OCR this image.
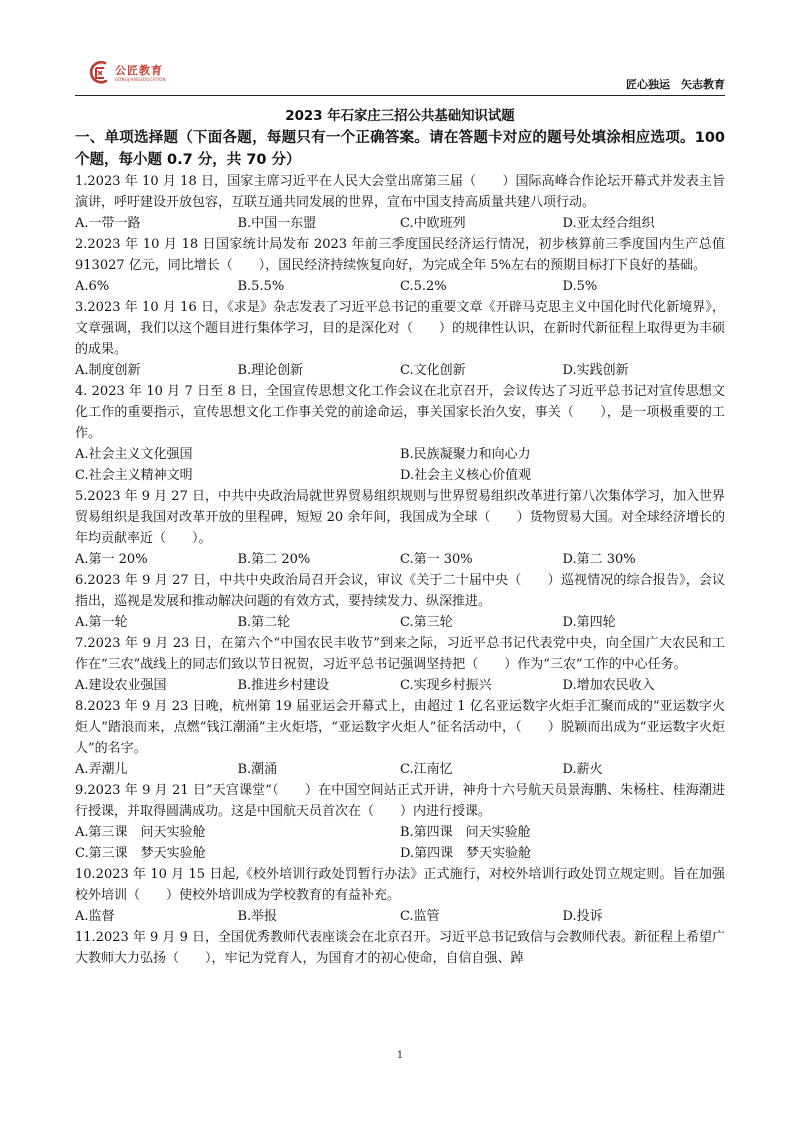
公匠教育
GONGJIANGEDUCATION	匠心独运　矢志教育
2023 年石家庄三招公共基础知识试题
一、单项选择题（下面各题，每题只有一个正确答案。请在答题卡对应的题号处填涂相应选项。100 个题，每小题 0.7 分，共 70 分）
1.2023 年 10 月 18 日，国家主席习近平在人民大会堂出席第三届（　　）国际高峰合作论坛开幕式并发表主旨演讲，呼吁建设开放包容，互联互通共同发展的世界，宣布中国支持高质量共建八项行动。
A.一带一路	B.中国一东盟	C.中欧班列	D.亚太经合组织
2.2023 年 10 月 18 日国家统计局发布 2023 年前三季度国民经济运行情况，初步核算前三季度国内生产总值 913027 亿元，同比增长（　　），国民经济持续恢复向好，为完成全年 5%左右的预期目标打下良好的基础。
A.6%	B.5.5%	C.5.2%	D.5%
3.2023 年 10 月 16 日，《求是》杂志发表了习近平总书记的重要文章《开辟马克思主义中国化时代化新境界》，文章强调，我们以这个题目进行集体学习，目的是深化对（　　）的规律性认识，在新时代新征程上取得更为丰硕的成果。
A.制度创新	B.理论创新	C.文化创新	D.实践创新
4. 2023 年 10 月 7 日至 8 日，全国宣传思想文化工作会议在北京召开，会议传达了习近平总书记对宣传思想文化工作的重要指示，宣传思想文化工作事关党的前途命运，事关国家长治久安，事关（　　），是一项极重要的工作。
A.社会主义文化强国	B.民族凝聚力和向心力
C.社会主义精神文明	D.社会主义核心价值观
5.2023 年 9 月 27 日，中共中央政治局就世界贸易组织规则与世界贸易组织改革进行第八次集体学习，加入世界贸易组织是我国对改革开放的里程碑，短短 20 余年间，我国成为全球（　　）货物贸易大国。对全球经济增长的年均贡献率近（　　）。
A.第一 20%	B.第二 20%	C.第一 30%	D.第二 30%
6.2023 年 9 月 27 日，中共中央政治局召开会议，审议《关于二十届中央（　　）巡视情况的综合报告》，会议指出，巡视是发展和推动解决问题的有效方式，要持续发力、纵深推进。
A.第一轮	B.第二轮	C.第三轮	D.第四轮
7.2023 年 9 月 23 日，在第六个“中国农民丰收节”到来之际，习近平总书记代表党中央，向全国广大农民和工作在“三农”战线上的同志们致以节日祝贺，习近平总书记强调坚持把（　　）作为“三农”工作的中心任务。
A.建设农业强国	B.推进乡村建设	C.实现乡村振兴	D.增加农民收入
8.2023 年 9 月 23 日晚，杭州第 19 届亚运会开幕式上，由超过 1 亿名亚运数字火炬手汇聚而成的“亚运数字火炬人”踏浪而来，点燃“钱江潮涌”主火炬塔，“亚运数字火炬人”征名活动中，（　　）脱颖而出成为“亚运数字火炬人”的名字。
A.弄潮儿	B.潮涌	C.江南忆	D.薪火
9.2023 年 9 月 21 日”天宫课堂”（　　）在中国空间站正式开讲，神舟十六号航天员景海鹏、朱杨柱、桂海潮进行授课，并取得圆满成功。这是中国航天员首次在（　　）内进行授课。
A.第三课　问天实验舱	B.第四课　问天实验舱
C.第三课　梦天实验舱	D.第四课　梦天实验舱
10.2023 年 10 月 15 日起,《校外培训行政处罚暂行办法》正式施行，对校外培训行政处罚立规定则。旨在加强校外培训（　　）使校外培训成为学校教育的有益补充。
A.监督	B.举报	C.监管	D.投诉
11.2023 年 9 月 9 日，全国优秀教师代表座谈会在北京召开。习近平总书记致信与会教师代表。新征程上希望广大教师大力弘扬（　　），牢记为党育人，为国育才的初心使命，自信自强、踔
1
